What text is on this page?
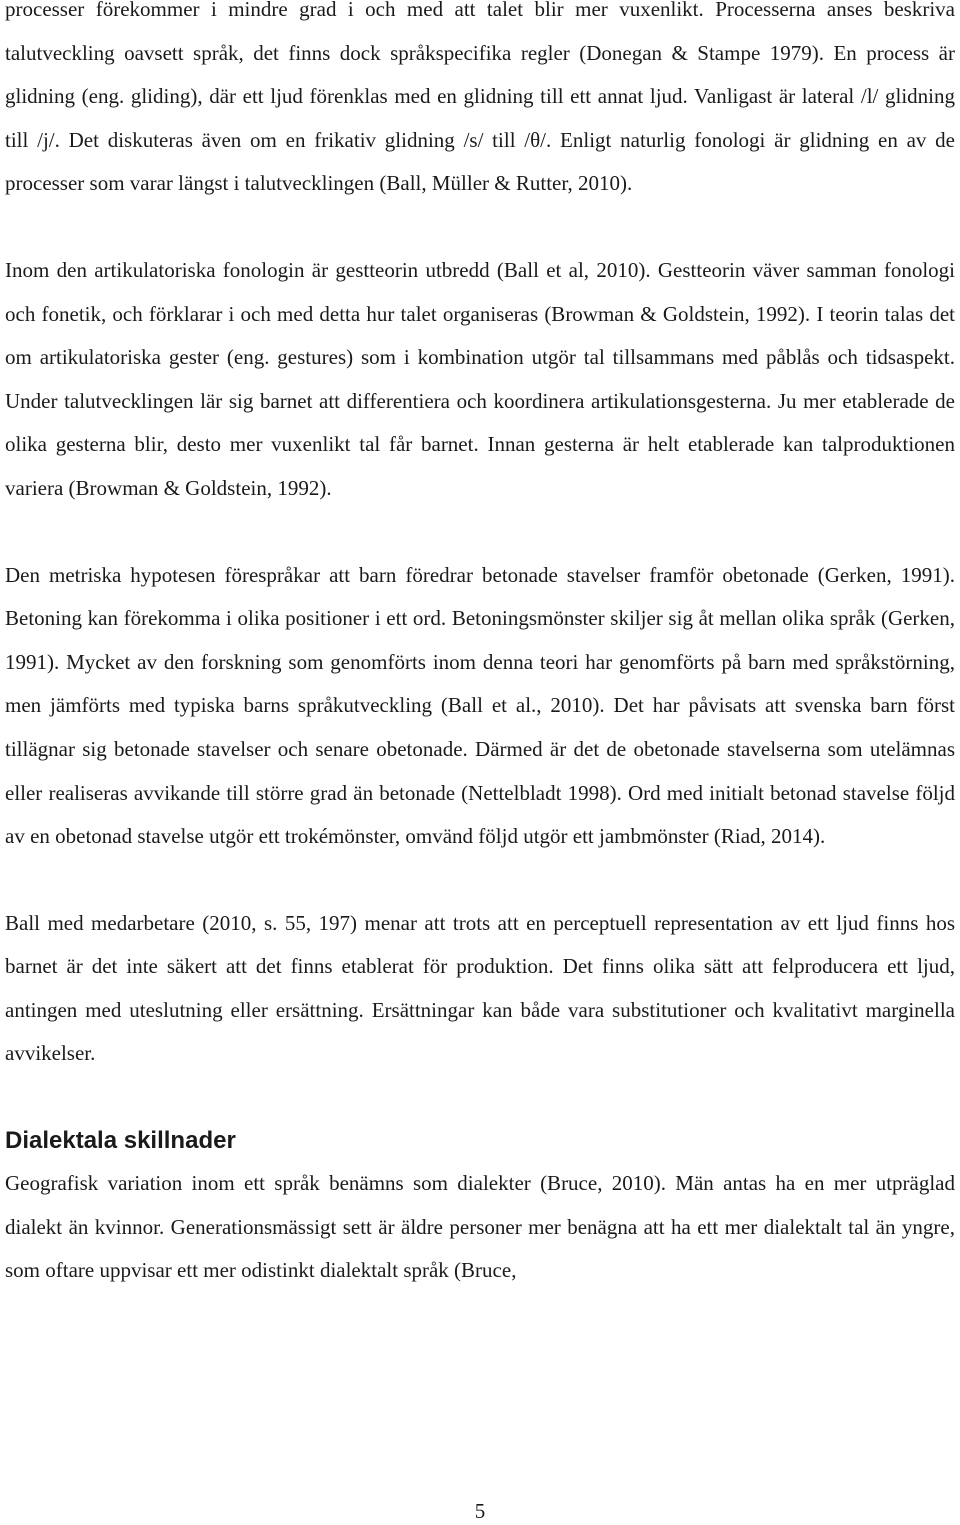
processer förekommer i mindre grad i och med att talet blir mer vuxenlikt. Processerna anses beskriva talutveckling oavsett språk, det finns dock språkspecifika regler (Donegan & Stampe 1979). En process är glidning (eng. gliding), där ett ljud förenklas med en glidning till ett annat ljud. Vanligast är lateral /l/ glidning till /j/. Det diskuteras även om en frikativ glidning /s/ till /θ/. Enligt naturlig fonologi är glidning en av de processer som varar längst i talutvecklingen (Ball, Müller & Rutter, 2010).

Inom den artikulatoriska fonologin är gestteorin utbredd (Ball et al, 2010). Gestteorin väver samman fonologi och fonetik, och förklarar i och med detta hur talet organiseras (Browman & Goldstein, 1992). I teorin talas det om artikulatoriska gester (eng. gestures) som i kombination utgör tal tillsammans med påblås och tidsaspekt. Under talutvecklingen lär sig barnet att differentiera och koordinera artikulationsgesterna. Ju mer etablerade de olika gesterna blir, desto mer vuxenlikt tal får barnet. Innan gesterna är helt etablerade kan talproduktionen variera (Browman & Goldstein, 1992).

Den metriska hypotesen förespråkar att barn föredrar betonade stavelser framför obetonade (Gerken, 1991). Betoning kan förekomma i olika positioner i ett ord. Betoningsmönster skiljer sig åt mellan olika språk (Gerken, 1991). Mycket av den forskning som genomförts inom denna teori har genomförts på barn med språkstörning, men jämförts med typiska barns språkutveckling (Ball et al., 2010). Det har påvisats att svenska barn först tillägnar sig betonade stavelser och senare obetonade. Därmed är det de obetonade stavelserna som utelämnas eller realiseras avvikande till större grad än betonade (Nettelbladt 1998). Ord med initialt betonad stavelse följd av en obetonad stavelse utgör ett trokémönster, omvänd följd utgör ett jambmönster (Riad, 2014).

Ball med medarbetare (2010, s. 55, 197) menar att trots att en perceptuell representation av ett ljud finns hos barnet är det inte säkert att det finns etablerat för produktion. Det finns olika sätt att felproducera ett ljud, antingen med uteslutning eller ersättning. Ersättningar kan både vara substitutioner och kvalitativt marginella avvikelser.

Dialektala skillnader

Geografisk variation inom ett språk benämns som dialekter (Bruce, 2010). Män antas ha en mer utpräglad dialekt än kvinnor. Generationsmässigt sett är äldre personer mer benägna att ha ett mer dialektalt tal än yngre, som oftare uppvisar ett mer odistinkt dialektalt språk (Bruce,

5
